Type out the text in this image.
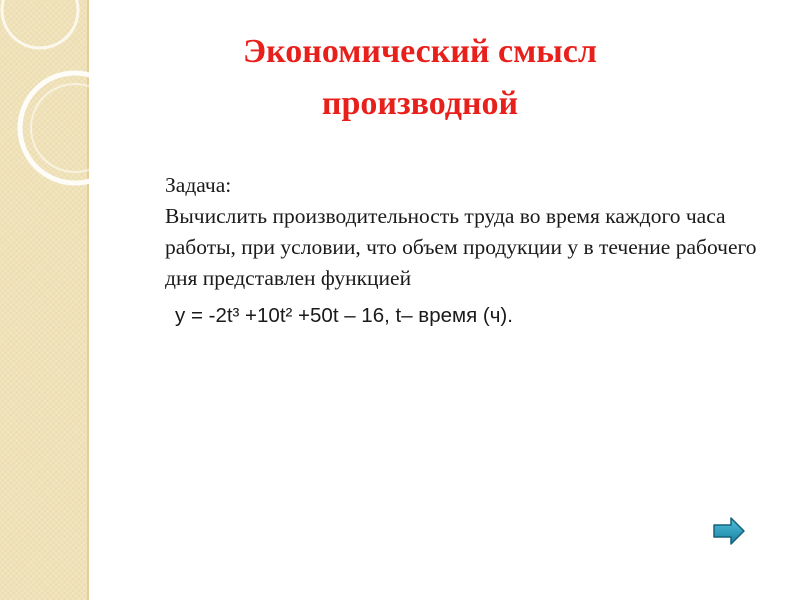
Экономический смысл
производной
Задача:
Вычислить производительность труда во время каждого часа работы, при условии, что объем продукции у в течение рабочего дня представлен функцией
у = -2t³ +10t² +50t – 16, t– время (ч).
